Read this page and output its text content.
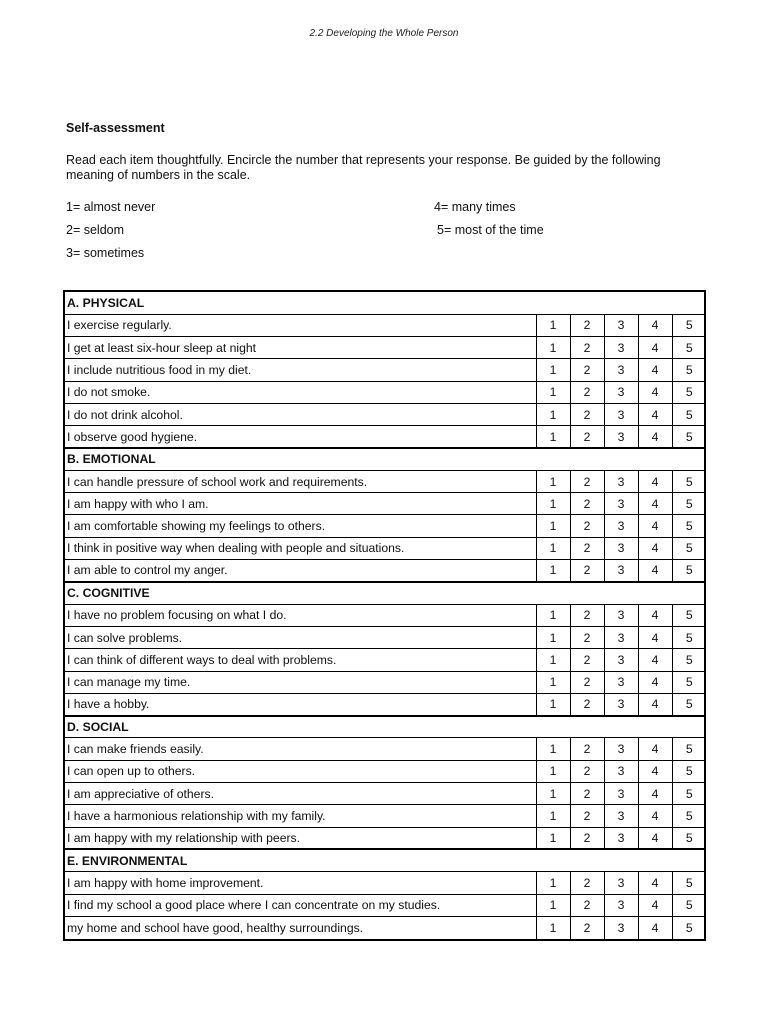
2.2 Developing the Whole Person
Self-assessment
Read each item thoughtfully. Encircle the number that represents your response. Be guided by the following meaning of numbers in the scale.
1= almost never
2= seldom
3= sometimes
4= many times
5= most of the time
A. PHYSICAL					
I exercise regularly.	1	2	3	4	5
I get at least six-hour sleep at night	1	2	3	4	5
I include nutritious food in my diet.	1	2	3	4	5
I do not smoke.	1	2	3	4	5
I do not drink alcohol.	1	2	3	4	5
I observe good hygiene.	1	2	3	4	5
B. EMOTIONAL					
I can handle pressure of school work and requirements.	1	2	3	4	5
I am happy with who I am.	1	2	3	4	5
I am comfortable showing my feelings to others.	1	2	3	4	5
I think in positive way when dealing with people and situations.	1	2	3	4	5
I am able to control my anger.	1	2	3	4	5
C. COGNITIVE					
I have no problem focusing on what I do.	1	2	3	4	5
I can solve problems.	1	2	3	4	5
I can think of different ways to deal with problems.	1	2	3	4	5
I can manage my time.	1	2	3	4	5
I have a hobby.	1	2	3	4	5
D. SOCIAL					
I can make friends easily.	1	2	3	4	5
I can open up to others.	1	2	3	4	5
I am appreciative of others.	1	2	3	4	5
I have a harmonious relationship with my family.	1	2	3	4	5
I am happy with my relationship with peers.	1	2	3	4	5
E. ENVIRONMENTAL					
I am happy with home improvement.	1	2	3	4	5
I find my school a good place where I can concentrate on my studies.	1	2	3	4	5
my home and school have good, healthy surroundings.	1	2	3	4	5
